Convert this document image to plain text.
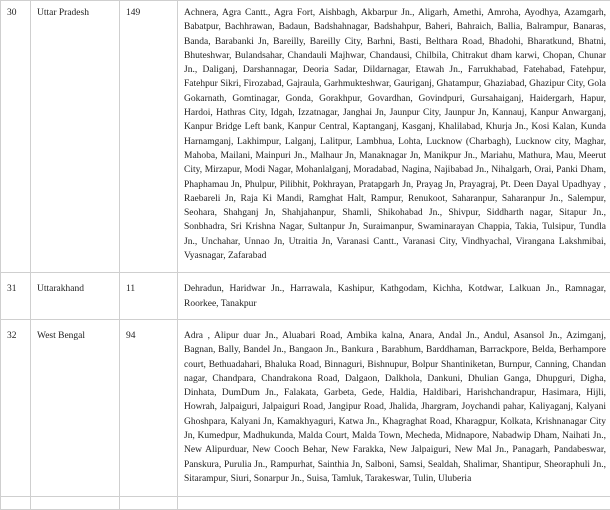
30	Uttar Pradesh	149	Achnera, Agra Cantt., Agra Fort, Aishbagh, Akbarpur Jn., Aligarh, Amethi, Amroha, Ayodhya, Azamgarh, Babatpur, Bachhrawan, Badaun, Badshahnagar, Badshahpur, Baheri, Bahraich, Ballia, Balrampur, Banaras, Banda, Barabanki Jn, Bareilly, Bareilly City, Barhni, Basti, Belthara Road, Bhadohi, Bharatkund, Bhatni, Bhuteshwar, Bulandsahar, Chandauli Majhwar, Chandausi, Chilbila, Chitrakut dham karwi, Chopan, Chunar Jn., Daliganj, Darshannagar, Deoria Sadar, Dildarnagar, Etawah Jn., Farrukhabad, Fatehabad, Fatehpur, Fatehpur Sikri, Firozabad, Gajraula, Garhmukteshwar, Gauriganj, Ghatampur, Ghaziabad, Ghazipur City, Gola Gokarnath, Gomtinagar, Gonda, Gorakhpur, Govardhan, Govindpuri, Gursahaiganj, Haidergarh, Hapur, Hardoi, Hathras City, Idgah, Izzatnagar, Janghai Jn, Jaunpur City, Jaunpur Jn, Kannauj, Kanpur Anwarganj, Kanpur Bridge Left bank, Kanpur Central, Kaptanganj, Kasganj, Khalilabad, Khurja Jn., Kosi Kalan, Kunda Harnamganj, Lakhimpur, Lalganj, Lalitpur, Lambhua, Lohta, Lucknow (Charbagh), Lucknow city, Maghar, Mahoba, Mailani, Mainpuri Jn., Malhaur Jn, Manaknagar Jn, Manikpur Jn., Mariahu, Mathura, Mau, Meerut City, Mirzapur, Modi Nagar, Mohanlalganj, Moradabad, Nagina, Najibabad Jn., Nihalgarh, Orai, Panki Dham, Phaphamau Jn, Phulpur, Pilibhit, Pokhrayan, Pratapgarh Jn, Prayag Jn, Prayagraj, Pt. Deen Dayal Upadhyay , Raebareli Jn, Raja Ki Mandi, Ramghat Halt, Rampur, Renukoot, Saharanpur, Saharanpur Jn., Salempur, Seohara, Shahganj Jn, Shahjahanpur, Shamli, Shikohabad Jn., Shivpur, Siddharth nagar, Sitapur Jn., Sonbhadra, Sri Krishna Nagar, Sultanpur Jn, Suraimanpur, Swaminarayan Chappia, Takia, Tulsipur, Tundla Jn., Unchahar, Unnao Jn, Utraitia Jn, Varanasi Cantt., Varanasi City, Vindhyachal, Virangana Lakshmibai, Vyasnagar, Zafarabad
31	Uttarakhand	11	Dehradun, Haridwar Jn., Harrawala, Kashipur, Kathgodam, Kichha, Kotdwar, Lalkuan Jn., Ramnagar, Roorkee, Tanakpur
32	West Bengal	94	Adra , Alipur duar Jn., Aluabari Road, Ambika kalna, Anara, Andal Jn., Andul, Asansol Jn., Azimganj, Bagnan, Bally, Bandel Jn., Bangaon Jn., Bankura , Barabhum, Barddhaman, Barrackpore, Belda, Berhampore court, Bethuadahari, Bhaluka Road, Binnaguri, Bishnupur, Bolpur Shantiniketan, Burnpur, Canning, Chandan nagar, Chandpara, Chandrakona Road, Dalgaon, Dalkhola, Dankuni, Dhulian Ganga, Dhupguri, Digha, Dinhata, DumDum Jn., Falakata, Garbeta, Gede, Haldia, Haldibari, Harishchandrapur, Hasimara, Hijli, Howrah, Jalpaiguri, Jalpaiguri Road, Jangipur Road, Jhalida, Jhargram, Joychandi pahar, Kaliyaganj, Kalyani Ghoshpara, Kalyani Jn, Kamakhyaguri, Katwa Jn., Khagraghat Road, Kharagpur, Kolkata, Krishnanagar City Jn, Kumedpur, Madhukunda, Malda Court, Malda Town, Mecheda, Midnapore, Nabadwip Dham, Naihati Jn., New Alipurduar, New Cooch Behar, New Farakka, New Jalpaiguri, New Mal Jn., Panagarh, Pandabeswar, Panskura, Purulia Jn., Rampurhat, Sainthia Jn, Salboni, Samsi, Sealdah, Shalimar, Shantipur, Sheoraphuli Jn., Sitarampur, Siuri, Sonarpur Jn., Suisa, Tamluk, Tarakeswar, Tulin, Uluberia
